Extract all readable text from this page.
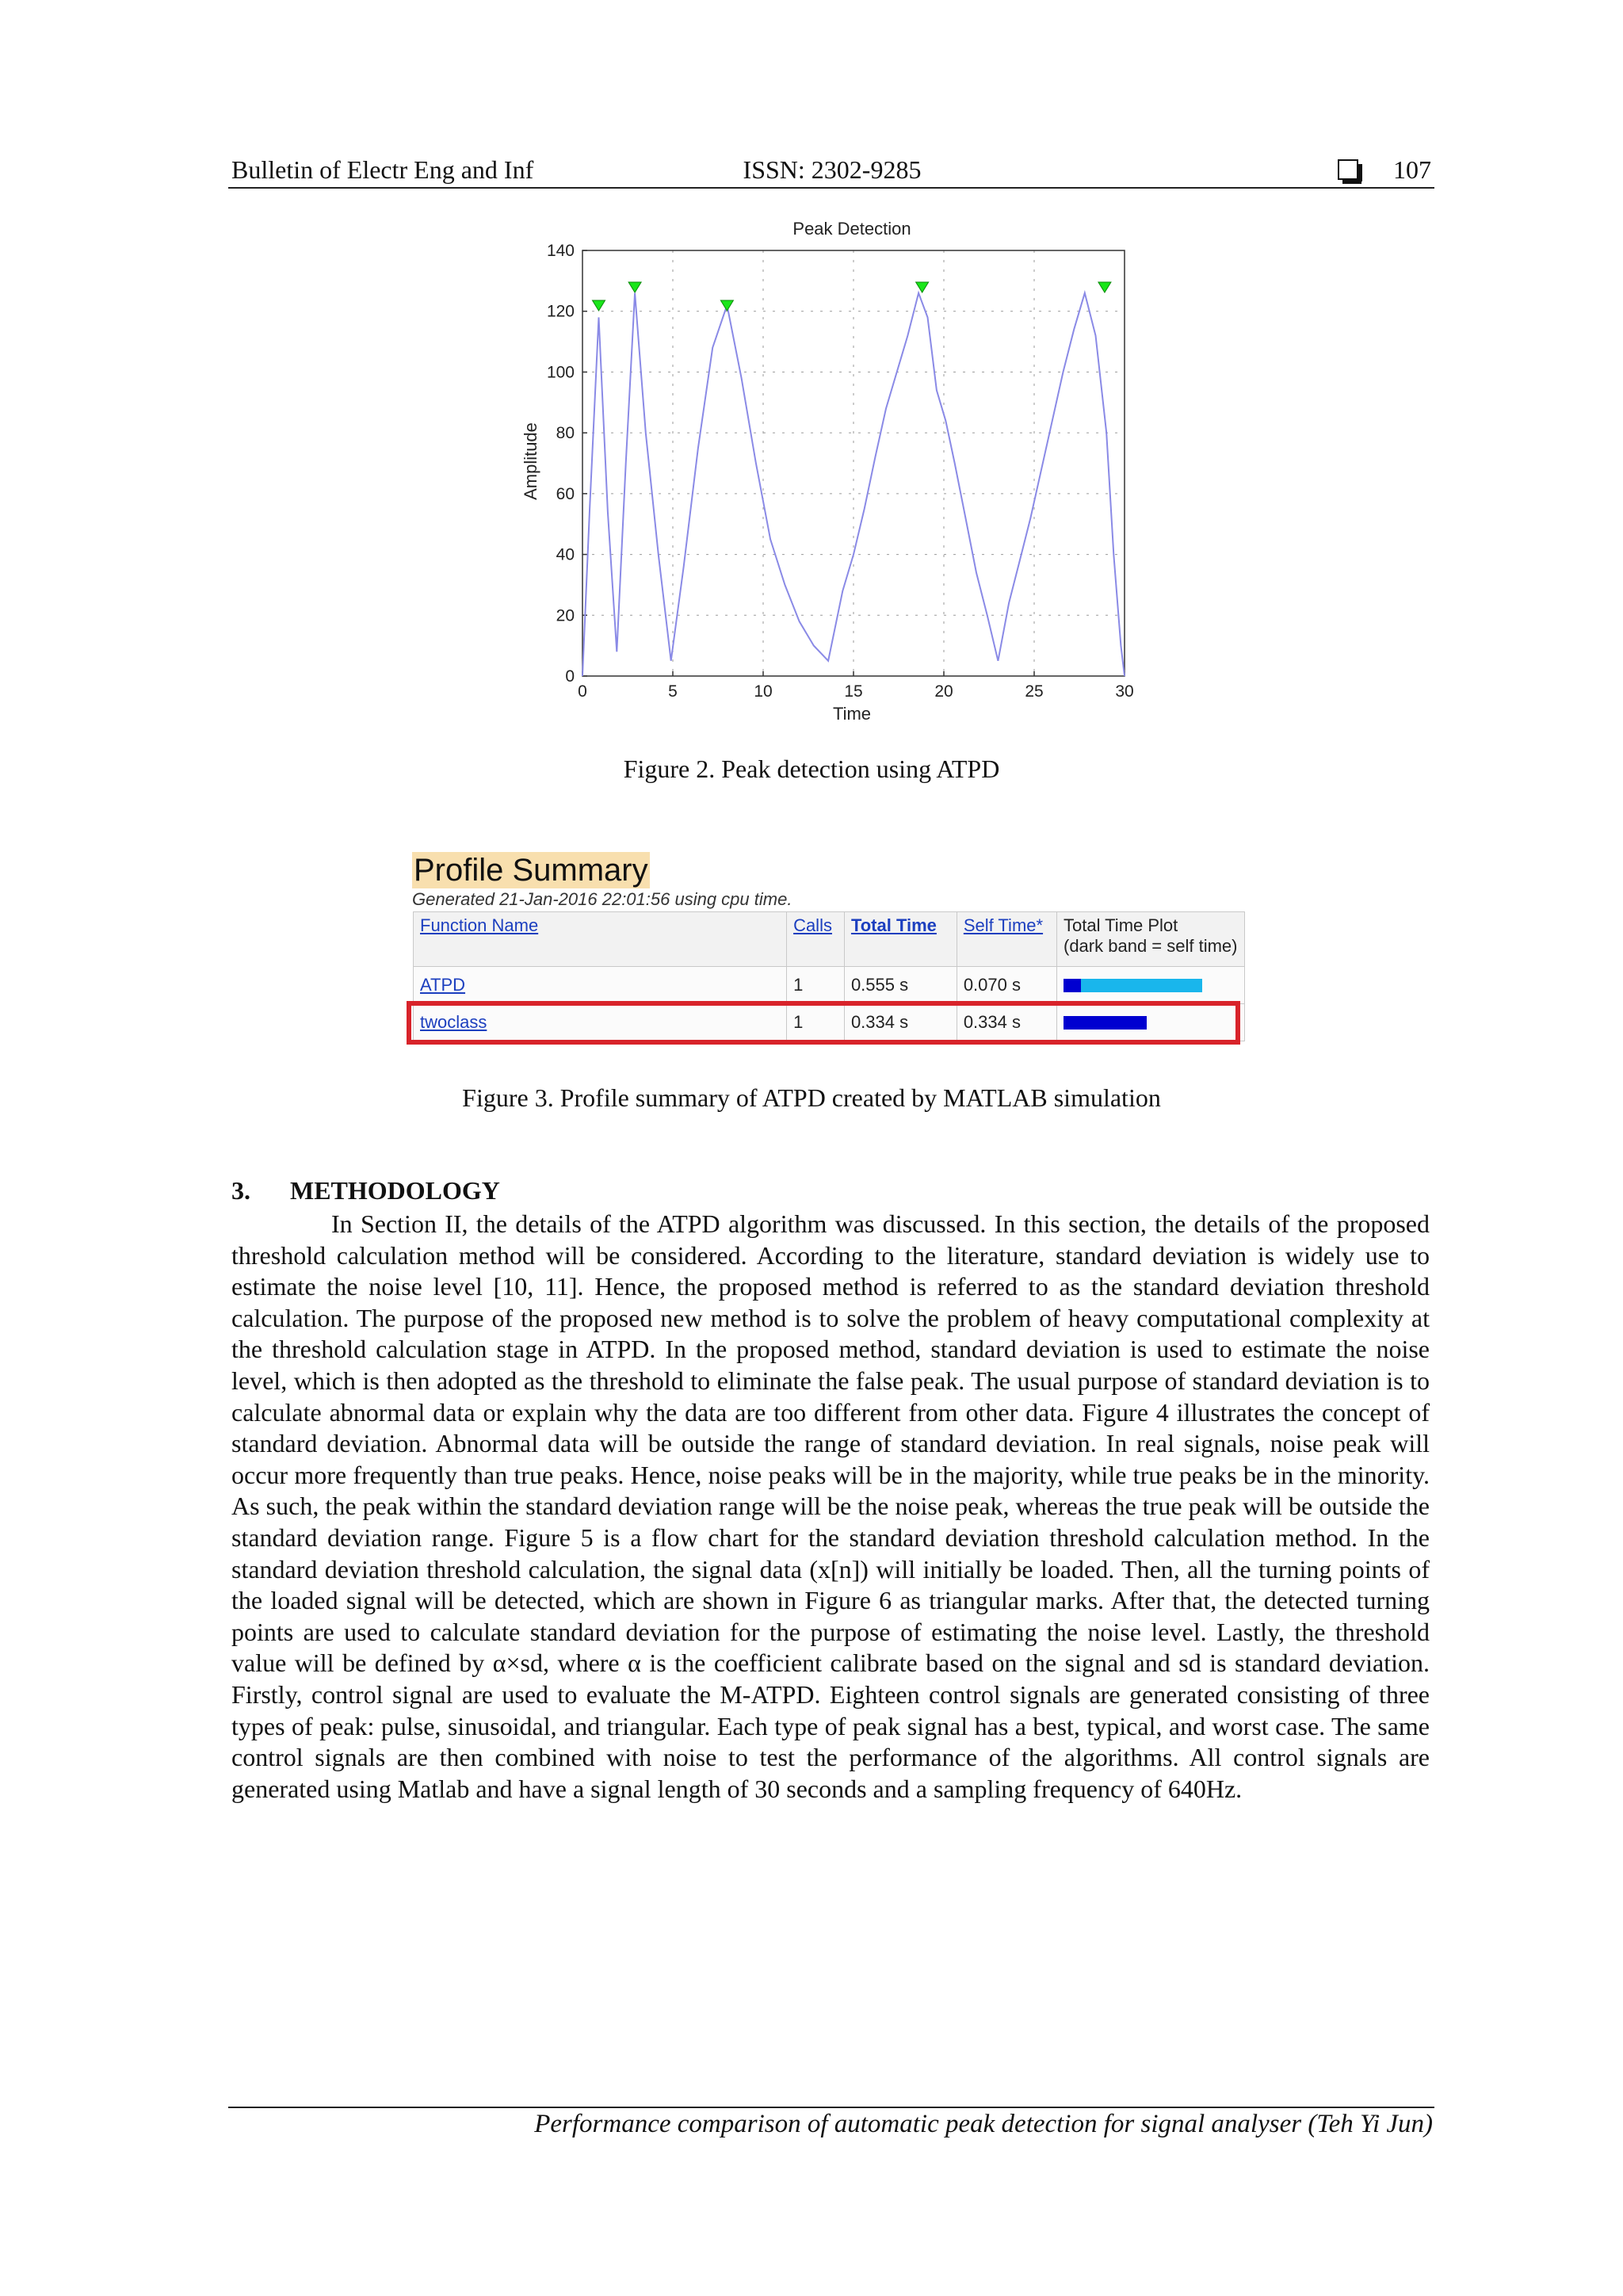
Bulletin of Electr Eng and Inf	ISSN: 2302-9285	107
Peak Detection
Time
Amplitude
0	5	10	15	20	25	30
0
20
40
60
80
100
120
140
Figure 2. Peak detection using ATPD
Profile Summary
Generated 21-Jan-2016 22:01:56 using cpu time.
Function Name	Calls	Total Time	Self Time*	Total Time Plot
(dark band = self time)
ATPD	1	0.555 s	0.070 s	

twoclass	1	0.334 s	0.334 s	
Figure 3. Profile summary of ATPD created by MATLAB simulation
3. METHODOLOGY
In Section II, the details of the ATPD algorithm was discussed. In this section, the details of the proposed threshold calculation method will be considered. According to the literature, standard deviation is widely use to estimate the noise level [10, 11]. Hence, the proposed method is referred to as the standard deviation threshold calculation. The purpose of the proposed new method is to solve the problem of heavy computational complexity at the threshold calculation stage in ATPD. In the proposed method, standard deviation is used to estimate the noise level, which is then adopted as the threshold to eliminate the false peak. The usual purpose of standard deviation is to calculate abnormal data or explain why the data are too different from other data. Figure 4 illustrates the concept of standard deviation. Abnormal data will be outside the range of standard deviation. In real signals, noise peak will occur more frequently than true peaks. Hence, noise peaks will be in the majority, while true peaks be in the minority. As such, the peak within the standard deviation range will be the noise peak, whereas the true peak will be outside the standard deviation range. Figure 5 is a flow chart for the standard deviation threshold calculation method. In the standard deviation threshold calculation, the signal data (x[n]) will initially be loaded. Then, all the turning points of the loaded signal will be detected, which are shown in Figure 6 as triangular marks. After that, the detected turning points are used to calculate standard deviation for the purpose of estimating the noise level. Lastly, the threshold value will be defined by α×sd, where α is the coefficient calibrate based on the signal and sd is standard deviation. Firstly, control signal are used to evaluate the M-ATPD. Eighteen control signals are generated consisting of three types of peak: pulse, sinusoidal, and triangular. Each type of peak signal has a best, typical, and worst case. The same control signals are then combined with noise to test the performance of the algorithms. All control signals are generated using Matlab and have a signal length of 30 seconds and a sampling frequency of 640Hz.
Performance comparison of automatic peak detection for signal analyser (Teh Yi Jun)
